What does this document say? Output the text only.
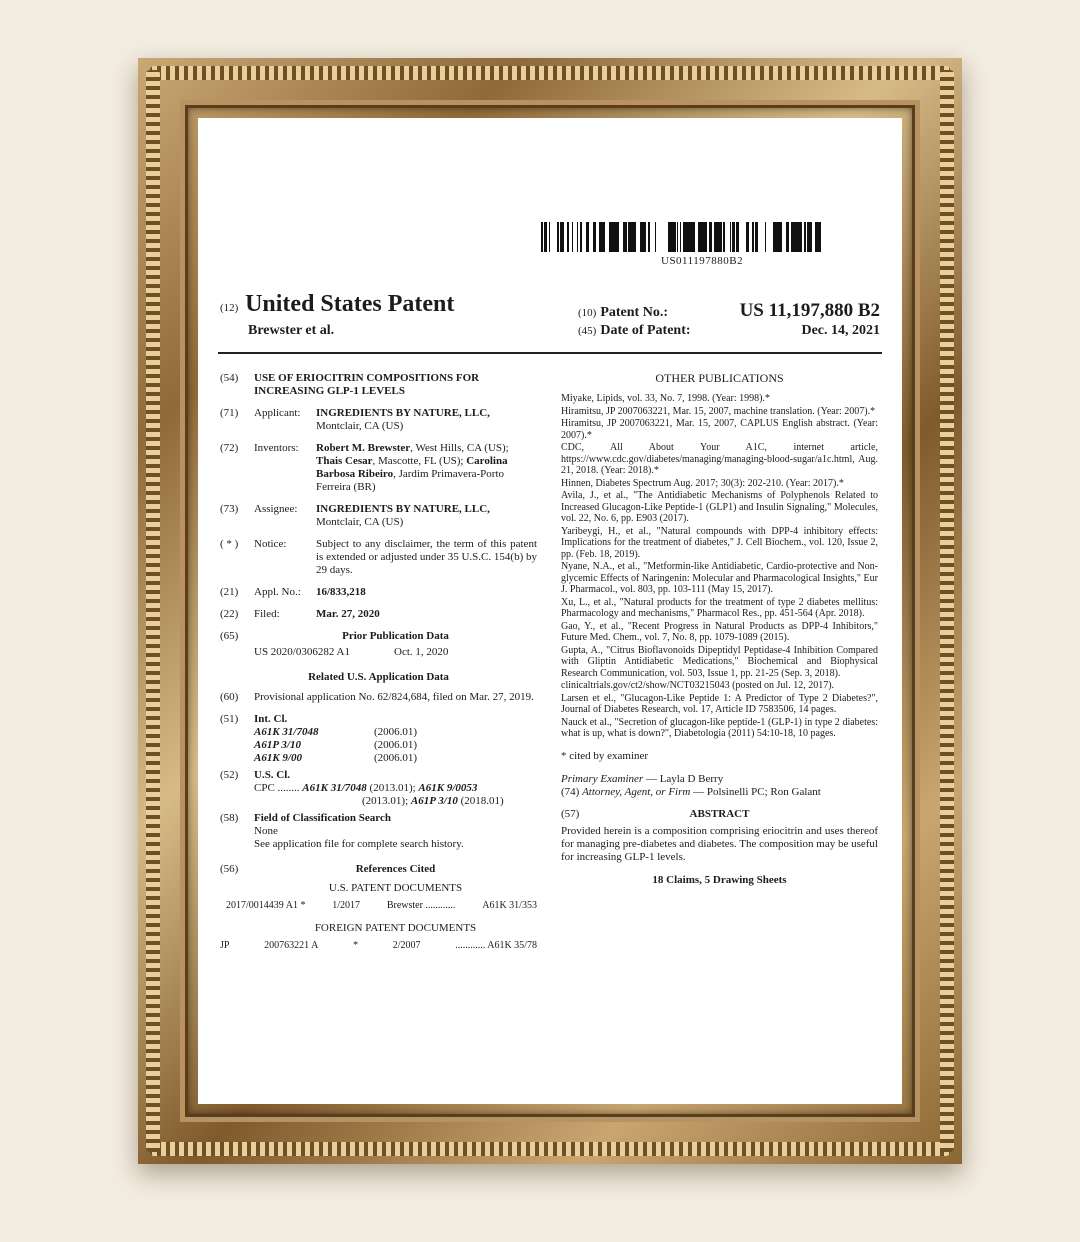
US011197880B2
(12) United States Patent
Brewster et al.
(10) Patent No.:	US 11,197,880 B2
(45) Date of Patent:	Dec. 14, 2021
(54)	USE OF ERIOCITRIN COMPOSITIONS FOR INCREASING GLP-1 LEVELS
(71)	Applicant:	INGREDIENTS BY NATURE, LLC,
Montclair, CA (US)
(72)	Inventors:	Robert M. Brewster, West Hills, CA (US); Thais Cesar, Mascotte, FL (US); Carolina Barbosa Ribeiro, Jardim Primavera-Porto Ferreira (BR)
(73)	Assignee:	INGREDIENTS BY NATURE, LLC,
Montclair, CA (US)
( * )	Notice:	Subject to any disclaimer, the term of this patent is extended or adjusted under 35 U.S.C. 154(b) by 29 days.
(21)	Appl. No.:	16/833,218
(22)	Filed:	Mar. 27, 2020
(65)	Prior Publication Data
US 2020/0306282 A1	Oct. 1, 2020
Related U.S. Application Data
(60)	Provisional application No. 62/824,684, filed on Mar. 27, 2019.
(51)	Int. Cl.
A61K 31/7048	(2006.01)
A61P 3/10	(2006.01)
A61K 9/00	(2006.01)
(52)	U.S. Cl.
CPC ........ A61K 31/7048 (2013.01); A61K 9/0053
(2013.01); A61P 3/10 (2018.01)
(58)	Field of Classification Search
None
See application file for complete search history.
(56)	References Cited
U.S. PATENT DOCUMENTS
2017/0014439 A1 *	1/2017	Brewster ............	A61K 31/353
FOREIGN PATENT DOCUMENTS
JP	200763221 A	*	2/2007	............ A61K 35/78
OTHER PUBLICATIONS
Miyake, Lipids, vol. 33, No. 7, 1998. (Year: 1998).*
Hiramitsu, JP 2007063221, Mar. 15, 2007, machine translation. (Year: 2007).*
Hiramitsu, JP 2007063221, Mar. 15, 2007, CAPLUS English abstract. (Year: 2007).*
CDC, All About Your A1C, internet article, https://www.cdc.gov/diabetes/managing/managing-blood-sugar/a1c.html, Aug. 21, 2018. (Year: 2018).*
Hinnen, Diabetes Spectrum Aug. 2017; 30(3): 202-210. (Year: 2017).*
Avila, J., et al., "The Antidiabetic Mechanisms of Polyphenols Related to Increased Glucagon-Like Peptide-1 (GLP1) and Insulin Signaling," Molecules, vol. 22, No. 6, pp. E903 (2017).
Yaribeygi, H., et al., "Natural compounds with DPP-4 inhibitory effects: Implications for the treatment of diabetes," J. Cell Biochem., vol. 120, Issue 2, pp. (Feb. 18, 2019).
Nyane, N.A., et al., "Metformin-like Antidiabetic, Cardio-protective and Non-glycemic Effects of Naringenin: Molecular and Pharmacological Insights," Eur J. Pharmacol., vol. 803, pp. 103-111 (May 15, 2017).
Xu, L., et al., "Natural products for the treatment of type 2 diabetes mellitus: Pharmacology and mechanisms," Pharmacol Res., pp. 451-564 (Apr. 2018).
Gao, Y., et al., "Recent Progress in Natural Products as DPP-4 Inhibitors," Future Med. Chem., vol. 7, No. 8, pp. 1079-1089 (2015).
Gupta, A., "Citrus Bioflavonoids Dipeptidyl Peptidase-4 Inhibition Compared with Gliptin Antidiabetic Medications," Biochemical and Biophysical Research Communication, vol. 503, Issue 1, pp. 21-25 (Sep. 3, 2018).
clinicaltrials.gov/ct2/show/NCT03215043 (posted on Jul. 12, 2017).
Larsen et el., "Glucagon-Like Peptide 1: A Predictor of Type 2 Diabetes?", Journal of Diabetes Research, vol. 17, Article ID 7583506, 14 pages.
Nauck et al., "Secretion of glucagon-like peptide-1 (GLP-1) in type 2 diabetes: what is up, what is down?", Diabetologia (2011) 54:10-18, 10 pages.
* cited by examiner
Primary Examiner — Layla D Berry
(74) Attorney, Agent, or Firm — Polsinelli PC; Ron Galant
(57)	ABSTRACT
Provided herein is a composition comprising eriocitrin and uses thereof for managing pre-diabetes and diabetes. The composition may be useful for increasing GLP-1 levels.
18 Claims, 5 Drawing Sheets
